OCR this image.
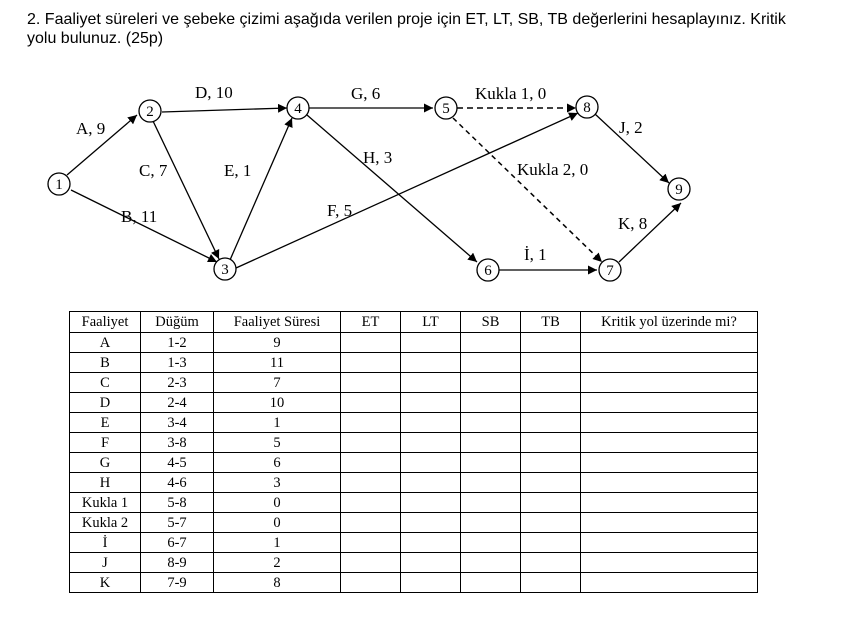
2. Faaliyet süreleri ve şebeke çizimi aşağıda verilen proje için ET, LT, SB, TB değerlerini hesaplayınız. Kritik yolu bulunuz. (25p)

1
2
3
4	5
6	7
8
9
A, 9
B, 11
C, 7
D, 10
E, 1
F, 5
G, 6
H, 3
Kukla 1, 0
Kukla 2, 0
İ, 1
J, 2
K, 8
Faaliyet	Düğüm	Faaliyet Süresi	ET	LT	SB	TB	Kritik yol üzerinde mi?
A	1-2	9					
B	1-3	11					
C	2-3	7					
D	2-4	10					
E	3-4	1					
F	3-8	5					
G	4-5	6					
H	4-6	3					
Kukla 1	5-8	0					
Kukla 2	5-7	0					
İ	6-7	1					
J	8-9	2					
K	7-9	8					
